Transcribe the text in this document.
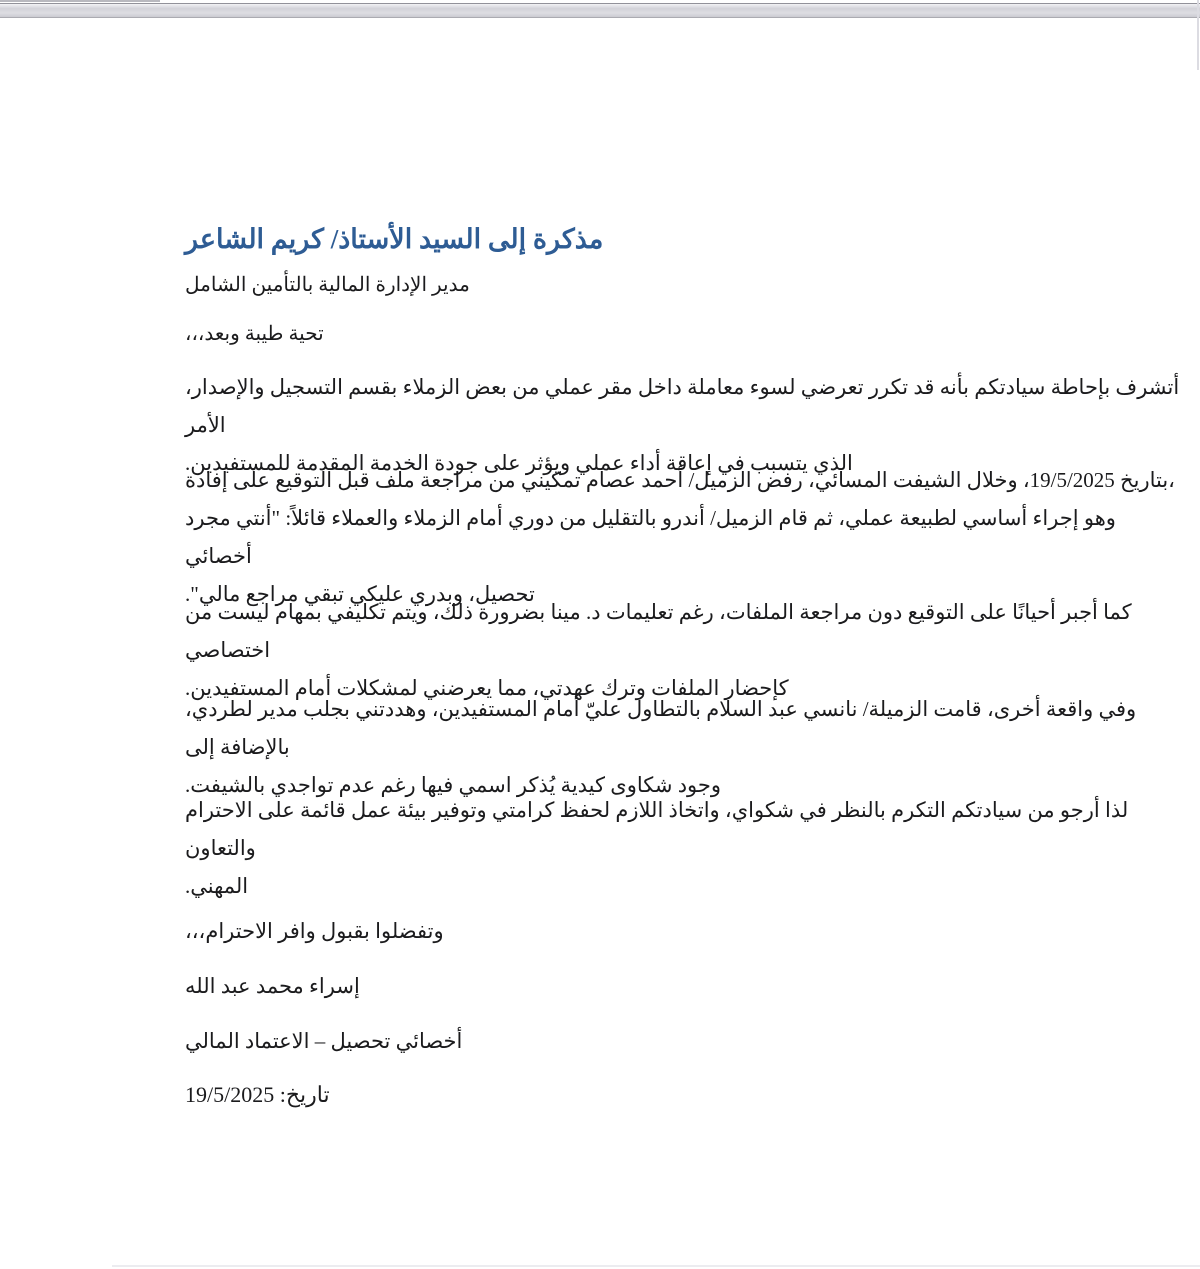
مذكرة إلى السيد الأستاذ/ كريم الشاعر
مدير الإدارة المالية بالتأمين الشامل
تحية طيبة وبعد،،،
أتشرف بإحاطة سيادتكم بأنه قد تكرر تعرضي لسوء معاملة داخل مقر عملي من بعض الزملاء بقسم التسجيل والإصدار، الأمر
الذي يتسبب في إعاقة أداء عملي ويؤثر على جودة الخدمة المقدمة للمستفيدين.
،بتاريخ 19/5/2025، وخلال الشيفت المسائي، رفض الزميل/ أحمد عصام تمكيني من مراجعة ملف قبل التوقيع على إفادة
وهو إجراء أساسي لطبيعة عملي، ثم قام الزميل/ أندرو بالتقليل من دوري أمام الزملاء والعملاء قائلاً: "أنتي مجرد أخصائي
تحصيل، وبدري عليكي تبقي مراجع مالي".
كما أجبر أحيانًا على التوقيع دون مراجعة الملفات، رغم تعليمات د. مينا بضرورة ذلك، ويتم تكليفي بمهام ليست من اختصاصي
كإحضار الملفات وترك عهدتي، مما يعرضني لمشكلات أمام المستفيدين.
وفي واقعة أخرى، قامت الزميلة/ نانسي عبد السلام بالتطاول عليّ أمام المستفيدين، وهددتني بجلب مدير لطردي، بالإضافة إلى
وجود شكاوى كيدية يُذكر اسمي فيها رغم عدم تواجدي بالشيفت.
لذا أرجو من سيادتكم التكرم بالنظر في شكواي، واتخاذ اللازم لحفظ كرامتي وتوفير بيئة عمل قائمة على الاحترام والتعاون
المهني.
وتفضلوا بقبول وافر الاحترام،،،
إسراء محمد عبد الله
أخصائي تحصيل – الاعتماد المالي
تاريخ: 19/5/2025
